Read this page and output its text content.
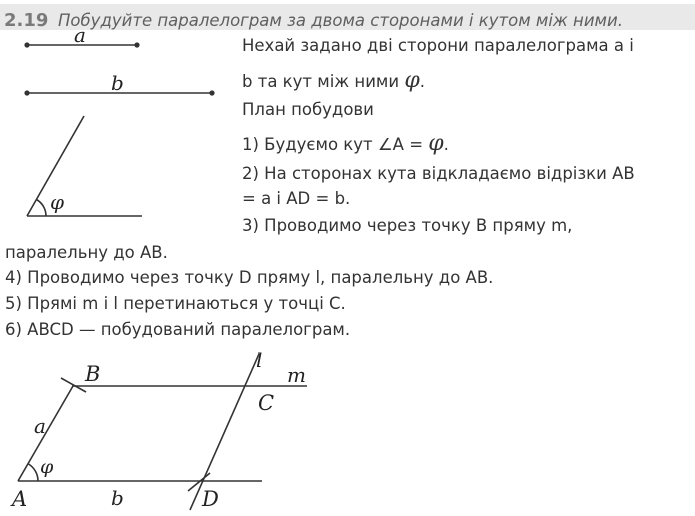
2.19 Побудуйте паралелограм за двома сторонами і кутом між ними.
Нехай задано дві сторони паралелограма a і
b та кут між ними φ.
План побудови
1) Будуємо кут ∠A = φ.
2) На сторонах кута відкладаємо відрізки AB
= a і AD = b.
3) Проводимо через точку B пряму m,
паралельну до AB.
4) Проводимо через точку D пряму l, паралельну до AB.
5) Прямі m і l перетинаються у точці C.
6) ABCD — побудований паралелограм.
a
b
φ
A
B
C
D
a
b
φ
l
m
